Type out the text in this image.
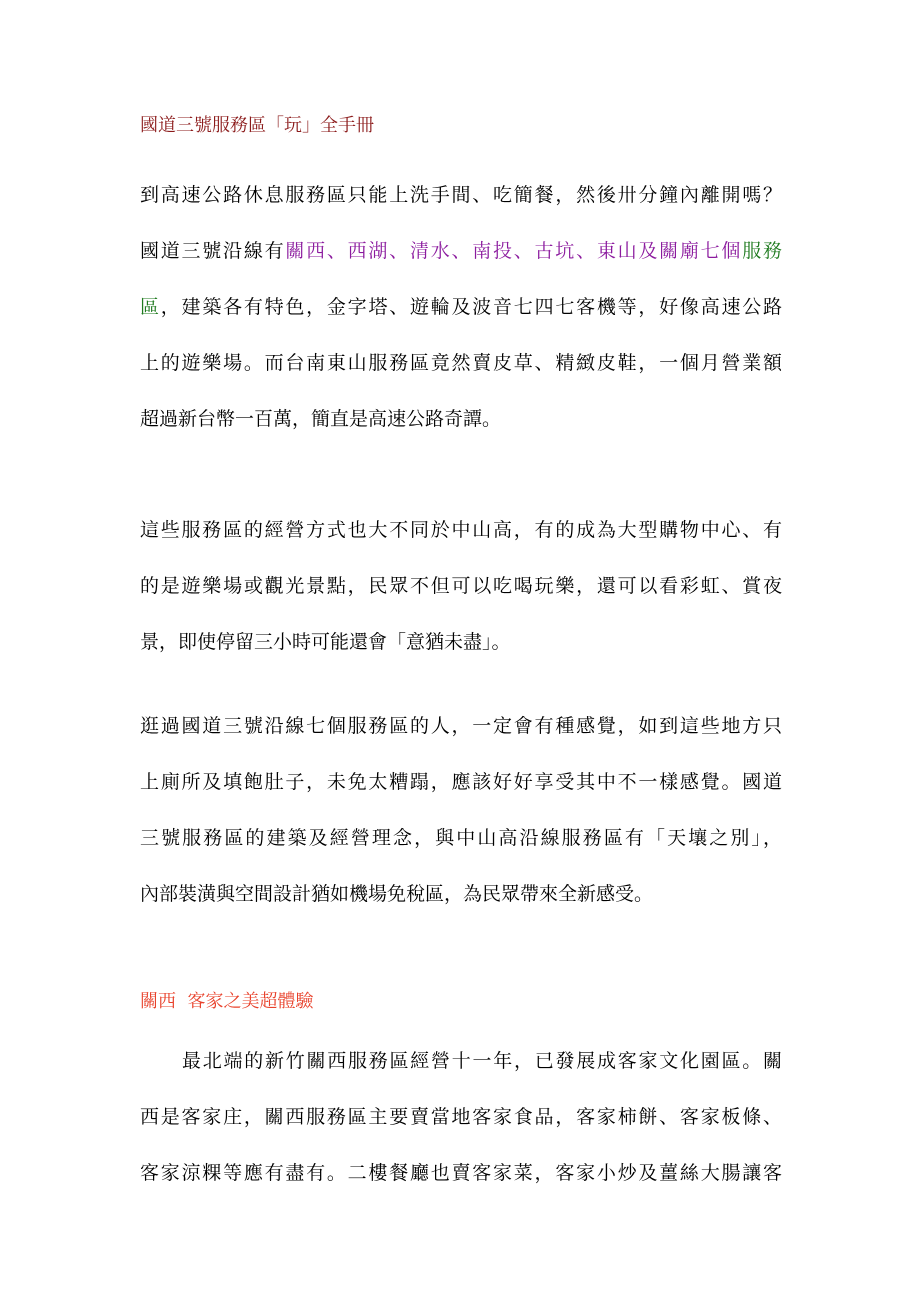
國道三號服務區「玩」全手冊
到高速公路休息服務區只能上洗手間、吃簡餐，然後卅分鐘內離開嗎？
國道三號沿線有關西、西湖、清水、南投、古坑、東山及關廟七個服務
區，建築各有特色，金字塔、遊輪及波音七四七客機等，好像高速公路
上的遊樂場。而台南東山服務區竟然賣皮草、精緻皮鞋，一個月營業額
超過新台幣一百萬，簡直是高速公路奇譚。
這些服務區的經營方式也大不同於中山高，有的成為大型購物中心、有
的是遊樂場或觀光景點，民眾不但可以吃喝玩樂，還可以看彩虹、賞夜
景，即使停留三小時可能還會「意猶未盡」。
逛過國道三號沿線七個服務區的人，一定會有種感覺，如到這些地方只
上廁所及填飽肚子，未免太糟蹋，應該好好享受其中不一樣感覺。國道
三號服務區的建築及經營理念，與中山高沿線服務區有「天壤之別」，
內部裝潢與空間設計猶如機場免稅區，為民眾帶來全新感受。
關西  客家之美超體驗
最北端的新竹關西服務區經營十一年，已發展成客家文化園區。關
西是客家庄，關西服務區主要賣當地客家食品，客家柿餅、客家板條、
客家涼粿等應有盡有。二樓餐廳也賣客家菜，客家小炒及薑絲大腸讓客
